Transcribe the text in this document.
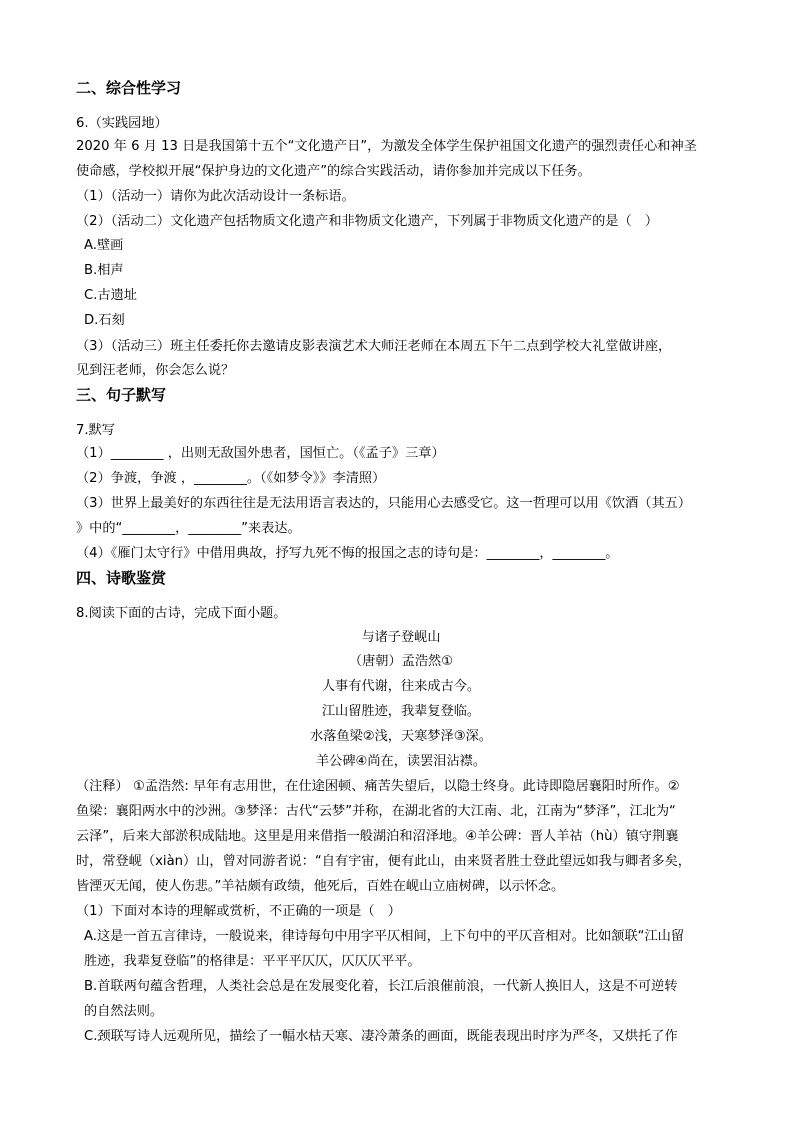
二、综合性学习
6.（实践园地）
2020 年 6 月 13 日是我国第十五个“文化遗产日”，为激发全体学生保护祖国文化遗产的强烈责任心和神圣
使命感，学校拟开展“保护身边的文化遗产”的综合实践活动，请你参加并完成以下任务。
（1）（活动一）请你为此次活动设计一条标语。
（2）（活动二）文化遗产包括物质文化遗产和非物质文化遗产，下列属于非物质文化遗产的是（　）
A.壁画
B.相声
C.古遗址
D.石刻
（3）（活动三）班主任委托你去邀请皮影表演艺术大师汪老师在本周五下午二点到学校大礼堂做讲座，
见到汪老师，你会怎么说？
三、句子默写
7.默写
（1）________ ，出则无敌国外患者，国恒亡。（《孟子》三章）
（2）争渡，争渡 ，________。（《如梦令》》李清照）
（3）世界上最美好的东西往往是无法用语言表达的，只能用心去感受它。这一哲理可以用《饮酒（其五）
》中的“________，________”来表达。
（4）《雁门太守行》中借用典故，抒写九死不悔的报国之志的诗句是：________，________。
四、诗歌鉴赏
8.阅读下面的古诗，完成下面小题。
与诸子登岘山
（唐朝）孟浩然①
人事有代谢，往来成古今。
江山留胜迹，我辈复登临。
水落鱼梁②浅，天寒梦泽③深。
羊公碑④尚在，读罢泪沾襟。
（注释） ①孟浩然: 早年有志用世，在仕途困顿、痛苦失望后，以隐士终身。此诗即隐居襄阳时所作。②
鱼梁：襄阳两水中的沙洲。③梦泽：古代“云梦”并称，在湖北省的大江南、北，江南为“梦泽”，江北为“
云泽”，后来大部淤积成陆地。这里是用来借指一般湖泊和沼泽地。④羊公碑：晋人羊祜（hù）镇守荆襄
时，常登岘（xiàn）山，曾对同游者说：“自有宇宙，便有此山，由来贤者胜士登此望远如我与卿者多矣，
皆湮灭无闻，使人伤悲。”羊祜颇有政绩，他死后，百姓在岘山立庙树碑，以示怀念。
（1）下面对本诗的理解或赏析，不正确的一项是（　）
A.这是一首五言律诗，一般说来，律诗每句中用字平仄相间，上下句中的平仄音相对。比如颔联“江山留
胜迹，我辈复登临”的格律是：平平平仄仄，仄仄仄平平。
B.首联两句蕴含哲理，人类社会总是在发展变化着，长江后浪催前浪，一代新人换旧人，这是不可逆转
的自然法则。
C.颈联写诗人远观所见，描绘了一幅水枯天寒、凄冷萧条的画面，既能表现出时序为严冬，又烘托了作
